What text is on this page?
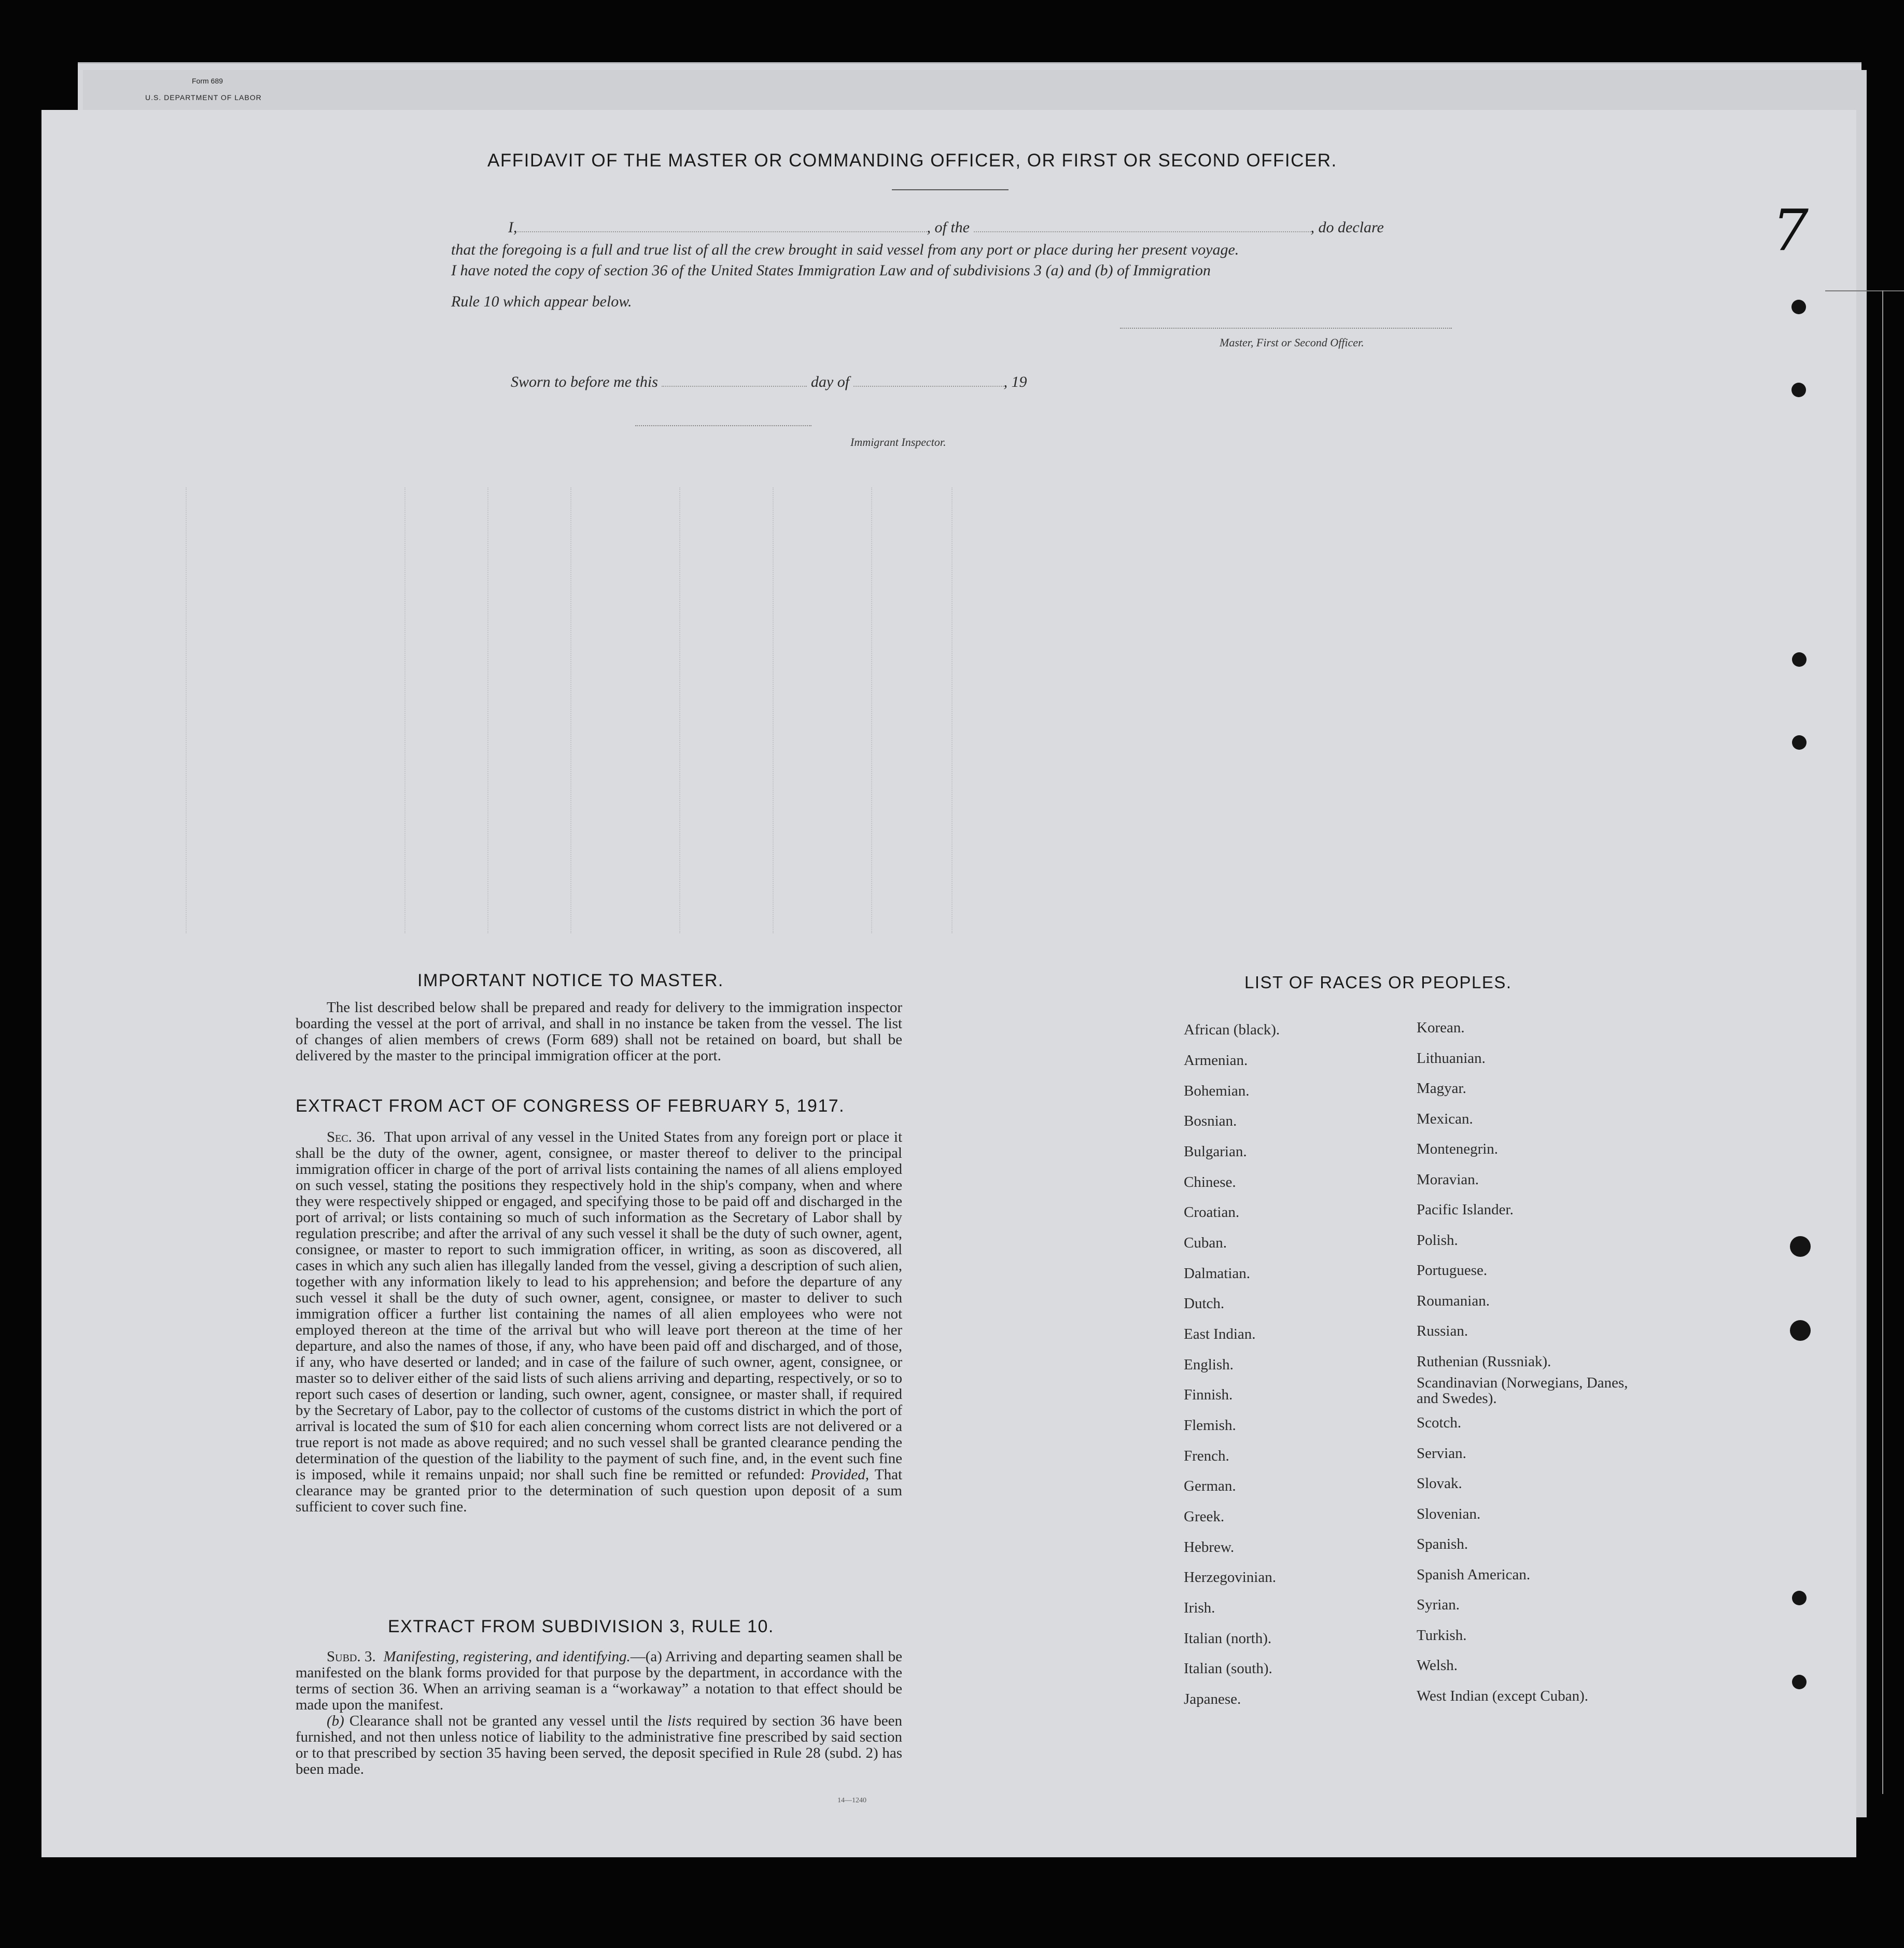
Form 689
U.S. DEPARTMENT OF LABOR
7
AFFIDAVIT OF THE MASTER OR COMMANDING OFFICER, OR FIRST OR SECOND OFFICER.
I,	, of the	, do declare
that the foregoing is a full and true list of all the crew brought in said vessel from any port or place during her present voyage.
I have noted the copy of section 36 of the United States Immigration Law and of subdivisions 3 (a) and (b) of Immigration
Rule 10 which appear below.
Master, First or Second Officer.
Sworn to before me this	day of	, 19
Immigrant Inspector.
IMPORTANT NOTICE TO MASTER.
The list described below shall be prepared and ready for delivery to the immigration inspector boarding the vessel at the port of arrival, and shall in no instance be taken from the vessel. The list of changes of alien members of crews (Form 689) shall not be retained on board, but shall be delivered by the master to the principal immigration officer at the port.
EXTRACT FROM ACT OF CONGRESS OF FEBRUARY 5, 1917.
Sec. 36. That upon arrival of any vessel in the United States from any foreign port or place it shall be the duty of the owner, agent, consignee, or master thereof to deliver to the principal immigration officer in charge of the port of arrival lists containing the names of all aliens employed on such vessel, stating the positions they respectively hold in the ship's company, when and where they were respectively shipped or engaged, and specifying those to be paid off and discharged in the port of arrival; or lists containing so much of such information as the Secretary of Labor shall by regulation prescribe; and after the arrival of any such vessel it shall be the duty of such owner, agent, consignee, or master to report to such immigration officer, in writing, as soon as discovered, all cases in which any such alien has illegally landed from the vessel, giving a description of such alien, together with any information likely to lead to his apprehension; and before the departure of any such vessel it shall be the duty of such owner, agent, consignee, or master to deliver to such immigration officer a further list containing the names of all alien employees who were not employed thereon at the time of the arrival but who will leave port thereon at the time of her departure, and also the names of those, if any, who have been paid off and discharged, and of those, if any, who have deserted or landed; and in case of the failure of such owner, agent, consignee, or master so to deliver either of the said lists of such aliens arriving and departing, respectively, or so to report such cases of desertion or landing, such owner, agent, consignee, or master shall, if required by the Secretary of Labor, pay to the collector of customs of the customs district in which the port of arrival is located the sum of $10 for each alien concerning whom correct lists are not delivered or a true report is not made as above required; and no such vessel shall be granted clearance pending the determination of the question of the liability to the payment of such fine, and, in the event such fine is imposed, while it remains unpaid; nor shall such fine be remitted or refunded: Provided, That clearance may be granted prior to the determination of such question upon deposit of a sum sufficient to cover such fine.
EXTRACT FROM SUBDIVISION 3, RULE 10.
Subd. 3. Manifesting, registering, and identifying.—(a) Arriving and departing seamen shall be manifested on the blank forms provided for that purpose by the department, in accordance with the terms of section 36. When an arriving seaman is a “workaway” a notation to that effect should be made upon the manifest.
(b) Clearance shall not be granted any vessel until the lists required by section 36 have been furnished, and not then unless notice of liability to the administrative fine prescribed by said section or to that prescribed by section 35 having been served, the deposit specified in Rule 28 (subd. 2) has been made.
14—1240
LIST OF RACES OR PEOPLES.
African (black).
Armenian.
Bohemian.
Bosnian.
Bulgarian.
Chinese.
Croatian.
Cuban.
Dalmatian.
Dutch.
East Indian.
English.
Finnish.
Flemish.
French.
German.
Greek.
Hebrew.
Herzegovinian.
Irish.
Italian (north).
Italian (south).
Japanese.
Korean.
Lithuanian.
Magyar.
Mexican.
Montenegrin.
Moravian.
Pacific Islander.
Polish.
Portuguese.
Roumanian.
Russian.
Ruthenian (Russniak).
Scandinavian (Norwegians, Danes, and Swedes).
Scotch.
Servian.
Slovak.
Slovenian.
Spanish.
Spanish American.
Syrian.
Turkish.
Welsh.
West Indian (except Cuban).
